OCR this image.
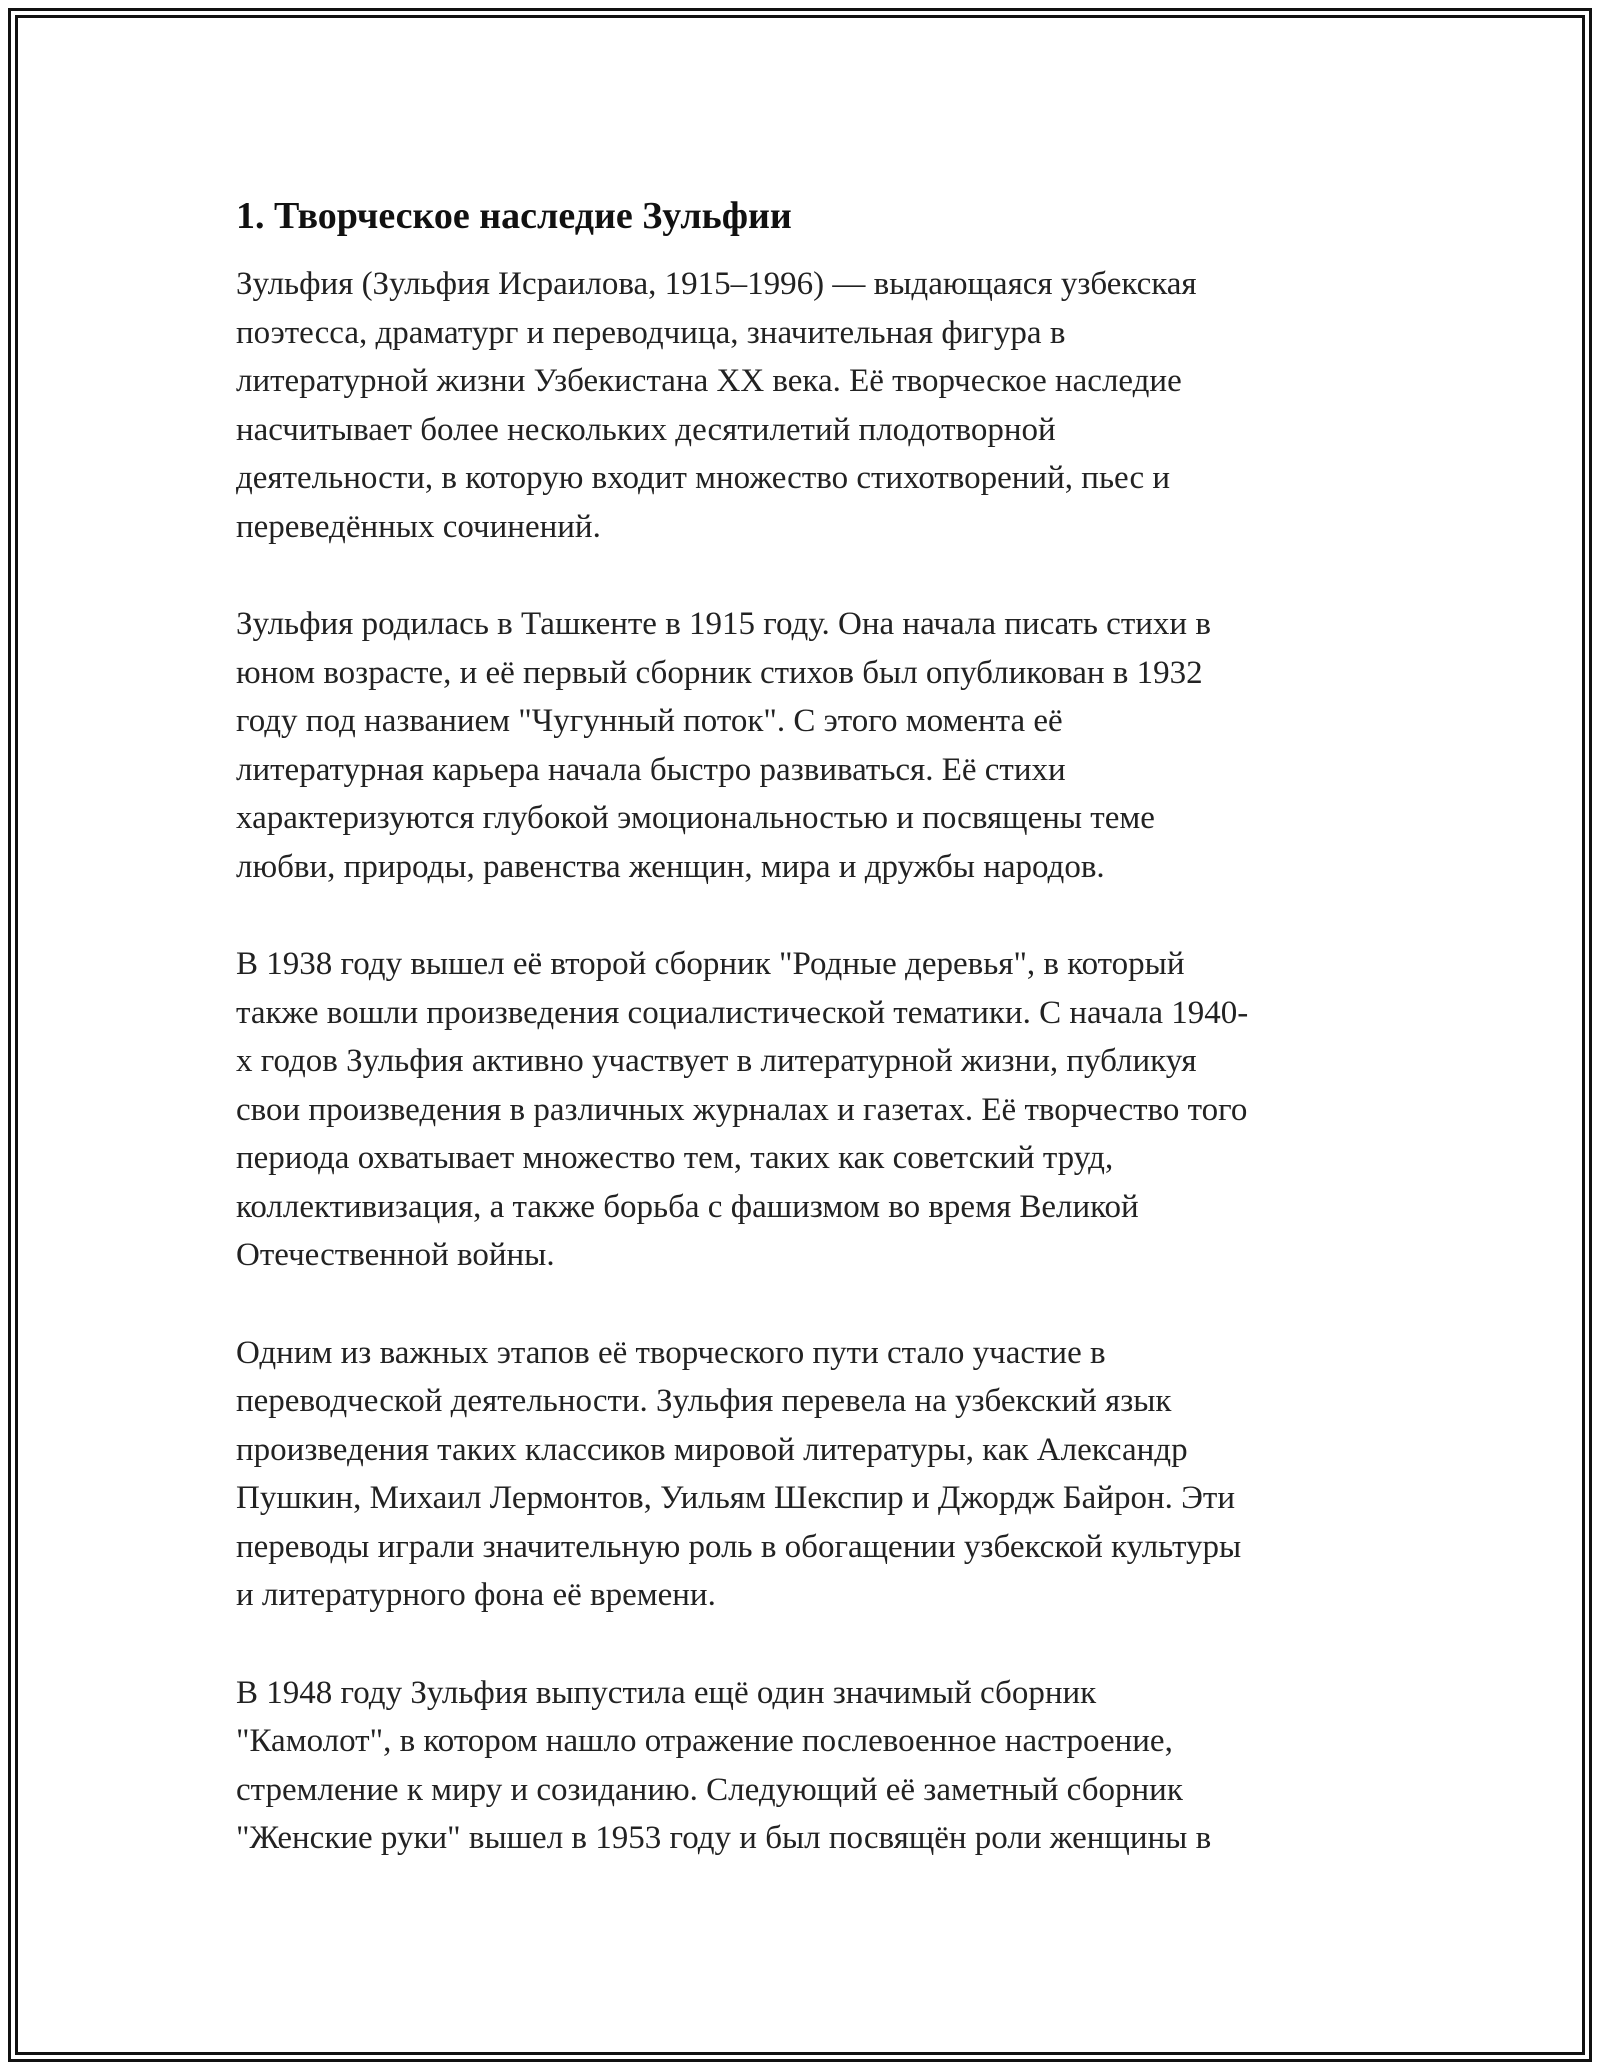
1. Творческое наследие Зульфии

Зульфия (Зульфия Исраилова, 1915–1996) — выдающаяся узбекская
поэтесса, драматург и переводчица, значительная фигура в
литературной жизни Узбекистана XX века. Её творческое наследие
насчитывает более нескольких десятилетий плодотворной
деятельности, в которую входит множество стихотворений, пьес и
переведённых сочинений.

Зульфия родилась в Ташкенте в 1915 году. Она начала писать стихи в
юном возрасте, и её первый сборник стихов был опубликован в 1932
году под названием "Чугунный поток". С этого момента её
литературная карьера начала быстро развиваться. Её стихи
характеризуются глубокой эмоциональностью и посвящены теме
любви, природы, равенства женщин, мира и дружбы народов.

В 1938 году вышел её второй сборник "Родные деревья", в который
также вошли произведения социалистической тематики. С начала 1940-
х годов Зульфия активно участвует в литературной жизни, публикуя
свои произведения в различных журналах и газетах. Её творчество того
периода охватывает множество тем, таких как советский труд,
коллективизация, а также борьба с фашизмом во время Великой
Отечественной войны.

Одним из важных этапов её творческого пути стало участие в
переводческой деятельности. Зульфия перевела на узбекский язык
произведения таких классиков мировой литературы, как Александр
Пушкин, Михаил Лермонтов, Уильям Шекспир и Джордж Байрон. Эти
переводы играли значительную роль в обогащении узбекской культуры
и литературного фона её времени.

В 1948 году Зульфия выпустила ещё один значимый сборник
"Камолот", в котором нашло отражение послевоенное настроение,
стремление к миру и созиданию. Следующий её заметный сборник
"Женские руки" вышел в 1953 году и был посвящён роли женщины в
